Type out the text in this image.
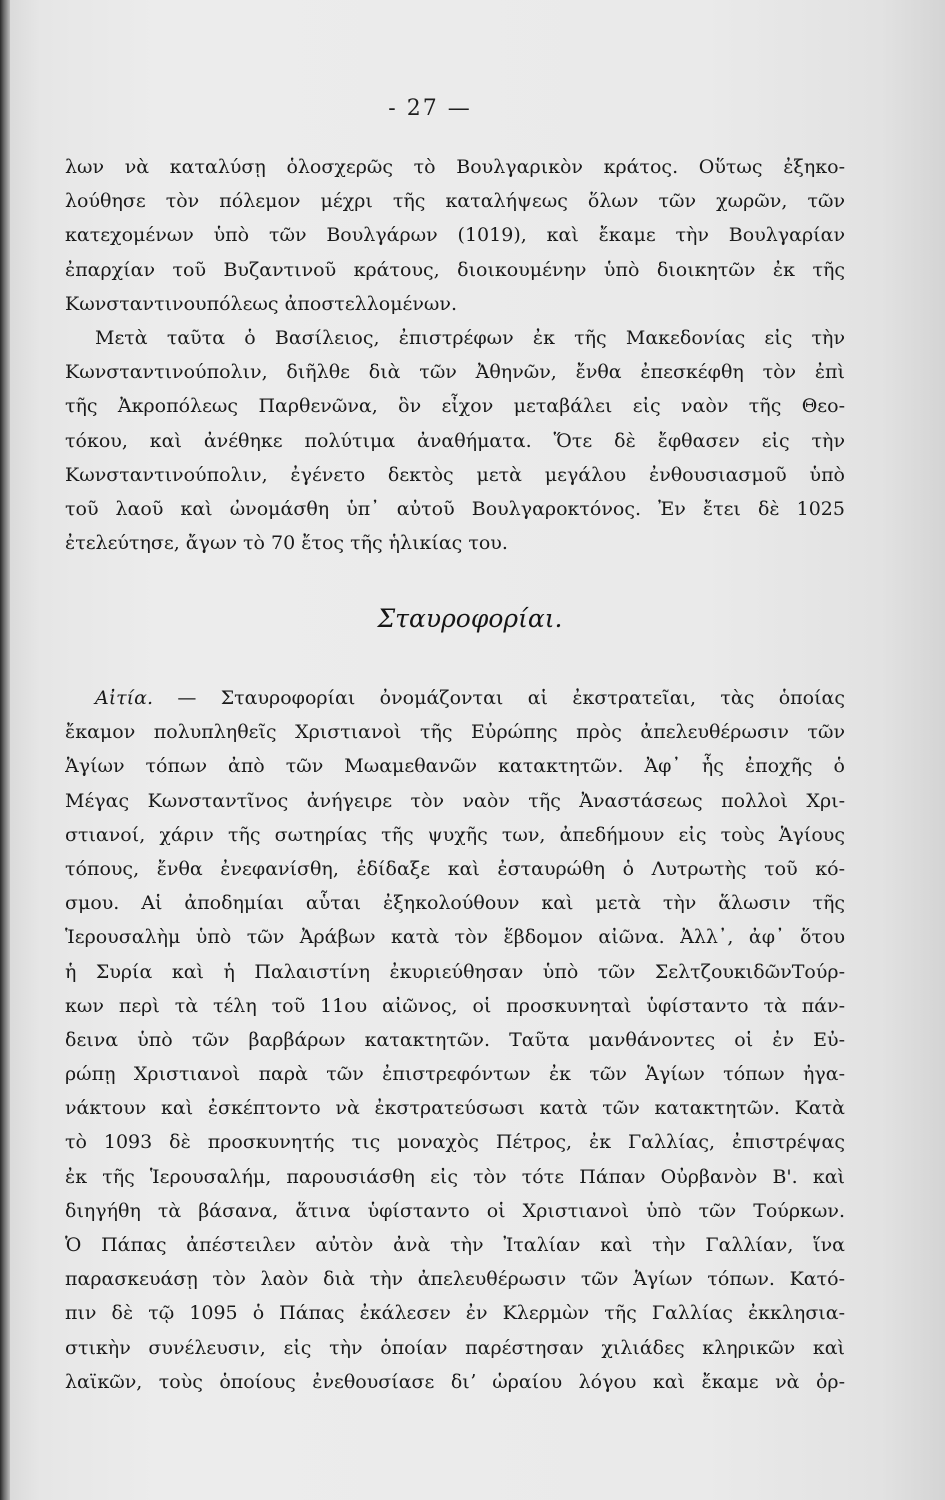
- 27 —
λων νὰ καταλύσῃ ὁλοσχερῶς τὸ Βουλγαρικὸν κράτος. Οὕτως ἐξηκο-
λούθησε τὸν πόλεμον μέχρι τῆς καταλήψεως ὅλων τῶν χωρῶν, τῶν
κατεχομένων ὑπὸ τῶν Βουλγάρων (1019), καὶ ἔκαμε τὴν Βουλγαρίαν
ἐπαρχίαν τοῦ Βυζαντινοῦ κράτους, διοικουμένην ὑπὸ διοικητῶν ἐκ τῆς
Κωνσταντινουπόλεως ἀποστελλομένων.
Μετὰ ταῦτα ὁ Βασίλειος, ἐπιστρέφων ἐκ τῆς Μακεδονίας εἰς τὴν
Κωνσταντινούπολιν, διῆλθε διὰ τῶν Ἀθηνῶν, ἔνθα ἐπεσκέφθη τὸν ἐπὶ
τῆς Ἀκροπόλεως Παρθενῶνα, ὃν εἶχον μεταβάλει εἰς ναὸν τῆς Θεο-
τόκου, καὶ ἀνέθηκε πολύτιμα ἀναθήματα. Ὅτε δὲ ἔφθασεν εἰς τὴν
Κωνσταντινούπολιν, ἐγένετο δεκτὸς μετὰ μεγάλου ἐνθουσιασμοῦ ὑπὸ
τοῦ λαοῦ καὶ ὠνομάσθη ὑπ᾽ αὐτοῦ Βουλγαροκτόνος. Ἐν ἔτει δὲ 1025
ἐτελεύτησε, ἄγων τὸ 70 ἔτος τῆς ἡλικίας του.
Σταυροφορίαι.
Αἰτία. — Σταυροφορίαι ὀνομάζονται αἱ ἐκστρατεῖαι, τὰς ὁποίας
ἔκαμον πολυπληθεῖς Χριστιανοὶ τῆς Εὐρώπης πρὸς ἀπελευθέρωσιν τῶν
Ἁγίων τόπων ἀπὸ τῶν Μωαμεθανῶν κατακτητῶν. Ἀφ᾽ ἧς ἐποχῆς ὁ
Μέγας Κωνσταντῖνος ἀνήγειρε τὸν ναὸν τῆς Ἀναστάσεως πολλοὶ Χρι-
στιανοί, χάριν τῆς σωτηρίας τῆς ψυχῆς των, ἀπεδήμουν εἰς τοὺς Ἁγίους
τόπους, ἔνθα ἐνεφανίσθη, ἐδίδαξε καὶ ἐσταυρώθη ὁ Λυτρωτὴς τοῦ κό-
σμου. Αἱ ἀποδημίαι αὗται ἐξηκολούθουν καὶ μετὰ τὴν ἅλωσιν τῆς
Ἱερουσαλὴμ ὑπὸ τῶν Ἀράβων κατὰ τὸν ἕβδομον αἰῶνα. Ἀλλ᾽, ἀφ᾽ ὅτου
ἡ Συρία καὶ ἡ Παλαιστίνη ἐκυριεύθησαν ὑπὸ τῶν ΣελτζουκιδῶνΤούρ-
κων περὶ τὰ τέλη τοῦ 11ου αἰῶνος, οἱ προσκυνηταὶ ὑφίσταντο τὰ πάν-
δεινα ὑπὸ τῶν βαρβάρων κατακτητῶν. Ταῦτα μανθάνοντες οἱ ἐν Εὐ-
ρώπῃ Χριστιανοὶ παρὰ τῶν ἐπιστρεφόντων ἐκ τῶν Ἁγίων τόπων ἠγα-
νάκτουν καὶ ἐσκέπτοντο νὰ ἐκστρατεύσωσι κατὰ τῶν κατακτητῶν. Κατὰ
τὸ 1093 δὲ προσκυνητής τις μοναχὸς Πέτρος, ἐκ Γαλλίας, ἐπιστρέψας
ἐκ τῆς Ἱερουσαλήμ, παρουσιάσθη εἰς τὸν τότε Πάπαν Οὐρβανὸν Β'. καὶ
διηγήθη τὰ βάσανα, ἅτινα ὑφίσταντο οἱ Χριστιανοὶ ὑπὸ τῶν Τούρκων.
Ὁ Πάπας ἀπέστειλεν αὐτὸν ἀνὰ τὴν Ἰταλίαν καὶ τὴν Γαλλίαν, ἵνα
παρασκευάσῃ τὸν λαὸν διὰ τὴν ἀπελευθέρωσιν τῶν Ἁγίων τόπων. Κατό-
πιν δὲ τῷ 1095 ὁ Πάπας ἐκάλεσεν ἐν Κλερμὼν τῆς Γαλλίας ἐκκλησια-
στικὴν συνέλευσιν, εἰς τὴν ὁποίαν παρέστησαν χιλιάδες κληρικῶν καὶ
λαϊκῶν, τοὺς ὁποίους ἐνεθουσίασε διʼ ὡραίου λόγου καὶ ἔκαμε νὰ ὁρ-
